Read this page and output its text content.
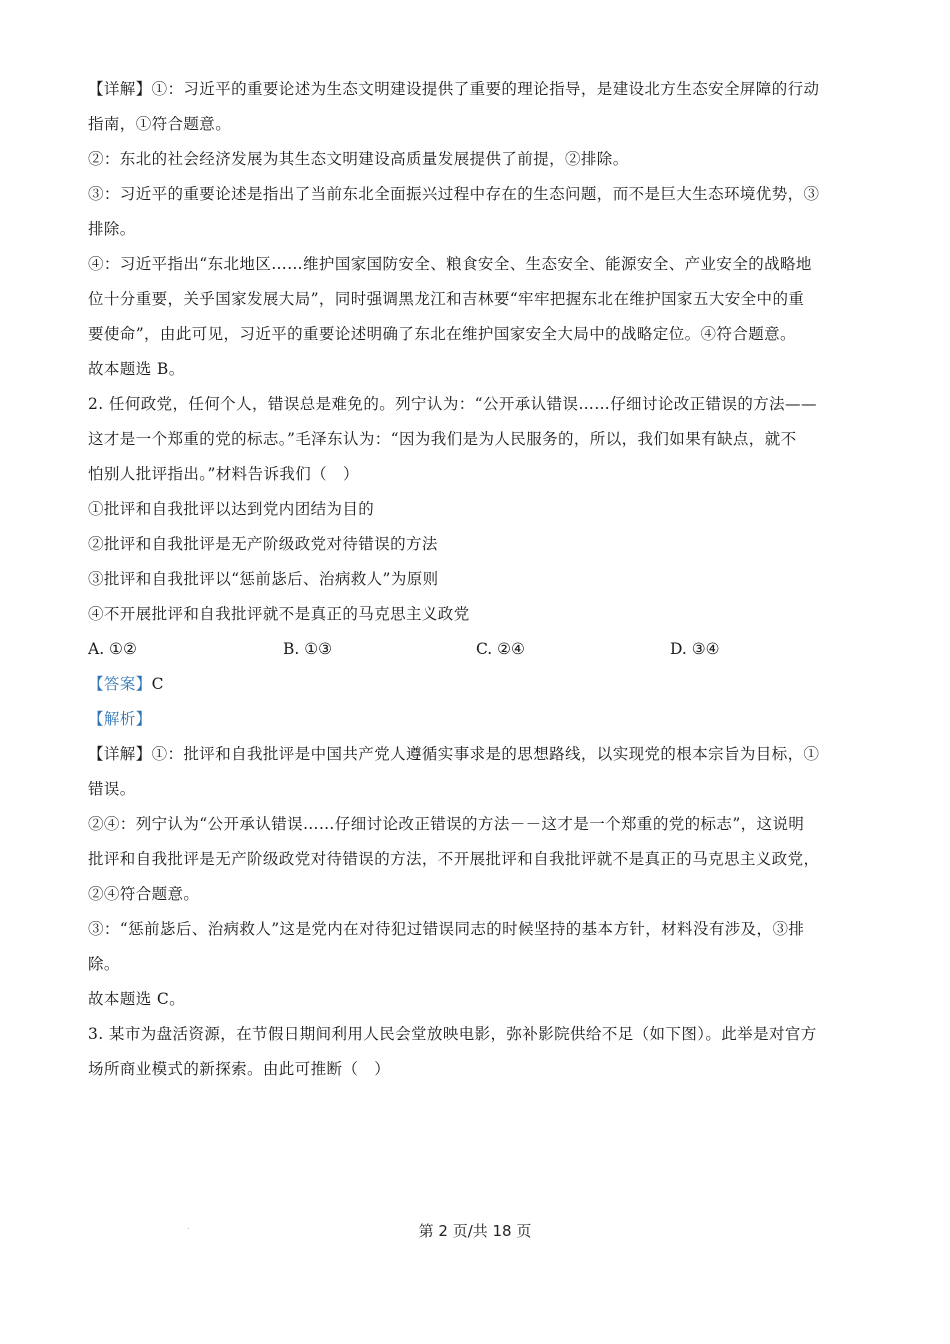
【详解】①：习近平的重要论述为生态文明建设提供了重要的理论指导，是建设北方生态安全屏障的行动
指南，①符合题意。
②：东北的社会经济发展为其生态文明建设高质量发展提供了前提，②排除。
③：习近平的重要论述是指出了当前东北全面振兴过程中存在的生态问题，而不是巨大生态环境优势，③
排除。
④：习近平指出“东北地区……维护国家国防安全、粮食安全、生态安全、能源安全、产业安全的战略地
位十分重要，关乎国家发展大局”，同时强调黑龙江和吉林要“牢牢把握东北在维护国家五大安全中的重
要使命”，由此可见，习近平的重要论述明确了东北在维护国家安全大局中的战略定位。④符合题意。
故本题选 B。
2. 任何政党，任何个人，错误总是难免的。列宁认为：“公开承认错误……仔细讨论改正错误的方法——
这才是一个郑重的党的标志。”毛泽东认为：“因为我们是为人民服务的，所以，我们如果有缺点，就不
怕别人批评指出。”材料告诉我们（　）
①批评和自我批评以达到党内团结为目的
②批评和自我批评是无产阶级政党对待错误的方法
③批评和自我批评以“惩前毖后、治病救人”为原则
④不开展批评和自我批评就不是真正的马克思主义政党
A. ①②	B. ①③	C. ②④	D. ③④
【答案】C
【解析】
【详解】①：批评和自我批评是中国共产党人遵循实事求是的思想路线，以实现党的根本宗旨为目标，①
错误。
②④：列宁认为“公开承认错误……仔细讨论改正错误的方法－－这才是一个郑重的党的标志”，这说明
批评和自我批评是无产阶级政党对待错误的方法，不开展批评和自我批评就不是真正的马克思主义政党，
②④符合题意。
③：“惩前毖后、治病救人”这是党内在对待犯过错误同志的时候坚持的基本方针，材料没有涉及，③排
除。
故本题选 C。
3. 某市为盘活资源，在节假日期间利用人民会堂放映电影，弥补影院供给不足（如下图）。此举是对官方
场所商业模式的新探索。由此可推断（　）
第 2 页/共 18 页
